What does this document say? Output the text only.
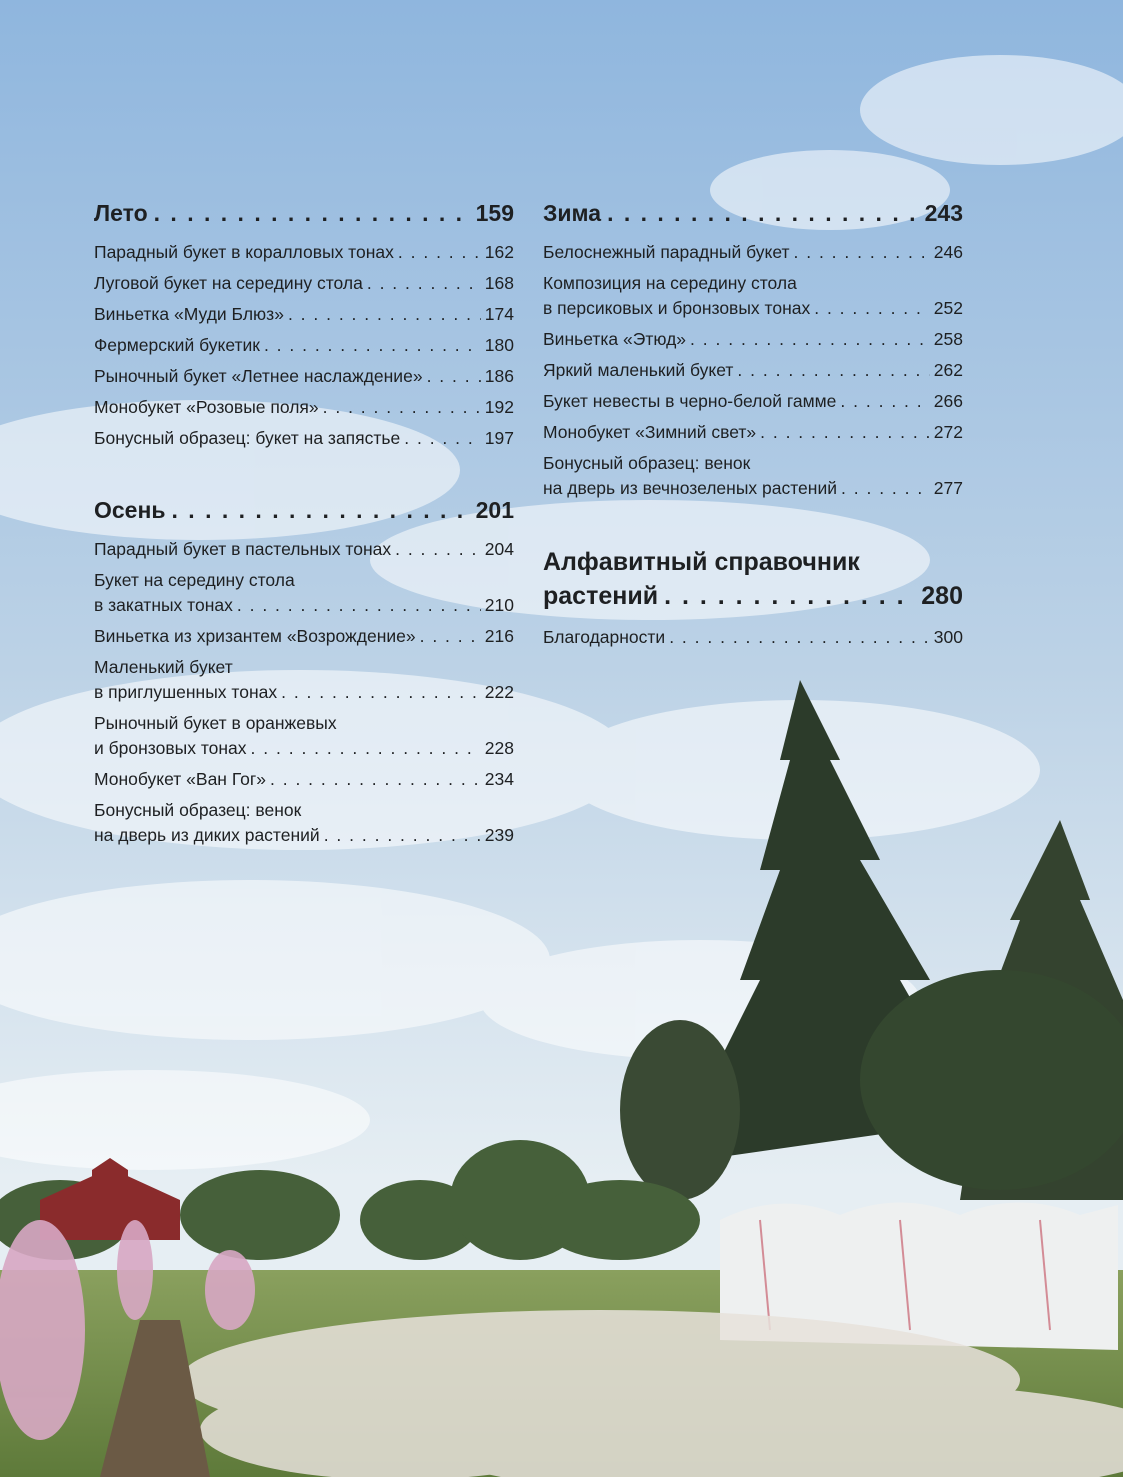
Лето . . .	159
Парадный букет в коралловых тонах . . .	162
Луговой букет на середину стола . . .	168
Виньетка «Муди Блюз» . . .	174
Фермерский букетик . . .	180
Рыночный букет «Летнее наслаждение» . . .	186
Монобукет «Розовые поля» . . .	192
Бонусный образец: букет на запястье . . .	197
Осень . . .	201
Парадный букет в пастельных тонах . . .	204
Букет на середину стола
в закатных тонах . . .	210
Виньетка из хризантем «Возрождение» . . .	216
Маленький букет
в приглушенных тонах . . .	222
Рыночный букет в оранжевых
и бронзовых тонах . . .	228
Монобукет «Ван Гог» . . .	234
Бонусный образец: венок
на дверь из диких растений . . .	239
Зима . . .	243
Белоснежный парадный букет . . .	246
Композиция на середину стола
в персиковых и бронзовых тонах . . .	252
Виньетка «Этюд» . . .	258
Яркий маленький букет . . .	262
Букет невесты в черно-белой гамме . . .	266
Монобукет «Зимний свет» . . .	272
Бонусный образец: венок
на дверь из вечнозеленых растений . . .	277
Алфавитный справочник
растений . . .	280
Благодарности . . .	300
